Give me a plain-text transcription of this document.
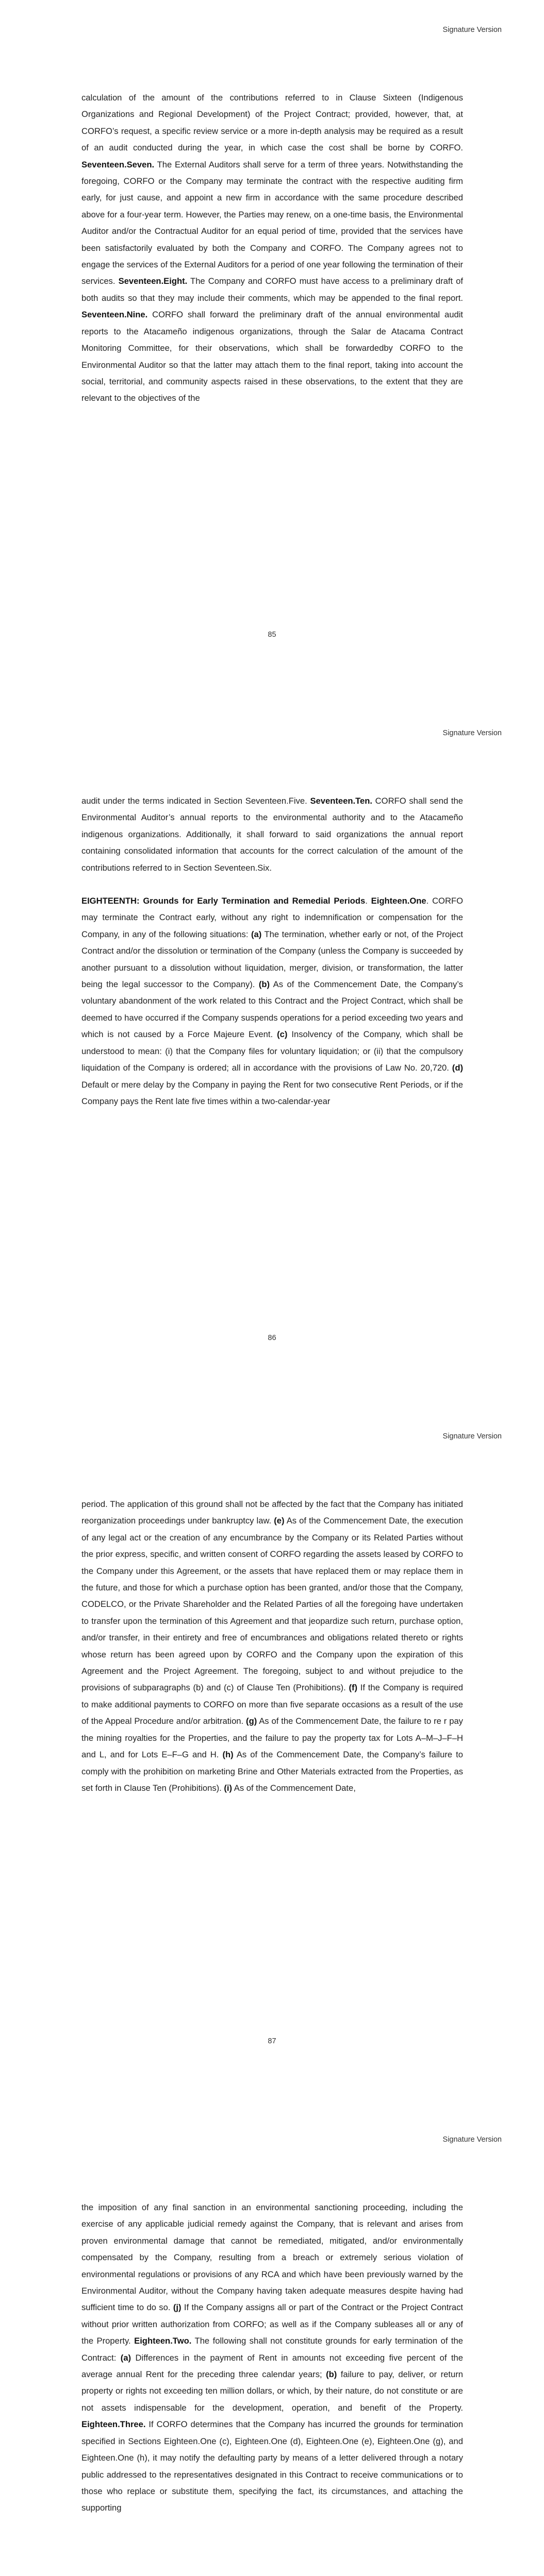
Signature Version

calculation of the amount of the contributions referred to in Clause Sixteen (Indigenous Organizations and Regional Development) of the Project Contract; provided, however, that, at CORFO’s request, a specific review service or a more in-depth analysis may be required as a result of an audit conducted during the year, in which case the cost shall be borne by CORFO. Seventeen.Seven. The External Auditors shall serve for a term of three years. Notwithstanding the foregoing, CORFO or the Company may terminate the contract with the respective auditing firm early, for just cause, and appoint a new firm in accordance with the same procedure described above for a four-year term. However, the Parties may renew, on a one-time basis, the Environmental Auditor and/or the Contractual Auditor for an equal period of time, provided that the services have been satisfactorily evaluated by both the Company and CORFO. The Company agrees not to engage the services of the External Auditors for a period of one year following the termination of their services. Seventeen.Eight. The Company and CORFO must have access to a preliminary draft of both audits so that they may include their comments, which may be appended to the final report. Seventeen.Nine. CORFO shall forward the preliminary draft of the annual environmental audit reports to the Atacameño indigenous organizations, through the Salar de Atacama Contract Monitoring Committee, for their observations, which shall be forwardedby CORFO to the Environmental Auditor so that the latter may attach them to the final report, taking into account the social, territorial, and community aspects raised in these observations, to the extent that they are relevant to the objectives of the

85
Signature Version

audit under the terms indicated in Section Seventeen.Five. Seventeen.Ten. CORFO shall send the Environmental Auditor’s annual reports to the environmental authority and to the Atacameño indigenous organizations. Additionally, it shall forward to said organizations the annual report containing consolidated information that accounts for the correct calculation of the amount of the contributions referred to in Section Seventeen.Six.

EIGHTEENTH: Grounds for Early Termination and Remedial Periods. Eighteen.One. CORFO may terminate the Contract early, without any right to indemnification or compensation for the Company, in any of the following situations: (a) The termination, whether early or not, of the Project Contract and/or the dissolution or termination of the Company (unless the Company is succeeded by another pursuant to a dissolution without liquidation, merger, division, or transformation, the latter being the legal successor to the Company). (b) As of the Commencement Date, the Company’s voluntary abandonment of the work related to this Contract and the Project Contract, which shall be deemed to have occurred if the Company suspends operations for a period exceeding two years and which is not caused by a Force Majeure Event. (c) Insolvency of the Company, which shall be understood to mean: (i) that the Company files for voluntary liquidation; or (ii) that the compulsory liquidation of the Company is ordered; all in accordance with the provisions of Law No. 20,720. (d) Default or mere delay by the Company in paying the Rent for two consecutive Rent Periods, or if the Company pays the Rent late five times within a two-calendar-year

86
Signature Version

period. The application of this ground shall not be affected by the fact that the Company has initiated reorganization proceedings under bankruptcy law. (e) As of the Commencement Date, the execution of any legal act or the creation of any encumbrance by the Company or its Related Parties without the prior express, specific, and written consent of CORFO regarding the assets leased by CORFO to the Company under this Agreement, or the assets that have replaced them or may replace them in the future, and those for which a purchase option has been granted, and/or those that the Company, CODELCO, or the Private Shareholder and the Related Parties of all the foregoing have undertaken to transfer upon the termination of this Agreement and that jeopardize such return, purchase option, and/or transfer, in their entirety and free of encumbrances and obligations related thereto or rights whose return has been agreed upon by CORFO and the Company upon the expiration of this Agreement and the Project Agreement. The foregoing, subject to and without prejudice to the provisions of subparagraphs (b) and (c) of Clause Ten (Prohibitions). (f) If the Company is required to make additional payments to CORFO on more than five separate occasions as a result of the use of the Appeal Procedure and/or arbitration. (g) As of the Commencement Date, the failure to re r pay the mining royalties for the Properties, and the failure to pay the property tax for Lots A–M–J–F–H and L, and for Lots E–F–G and H. (h) As of the Commencement Date, the Company’s failure to comply with the prohibition on marketing Brine and Other Materials extracted from the Properties, as set forth in Clause Ten (Prohibitions). (i) As of the Commencement Date,

87
Signature Version

the imposition of any final sanction in an environmental sanctioning proceeding, including the exercise of any applicable judicial remedy against the Company, that is relevant and arises from proven environmental damage that cannot be remediated, mitigated, and/or environmentally compensated by the Company, resulting from a breach or extremely serious violation of environmental regulations or provisions of any RCA and which have been previously warned by the Environmental Auditor, without the Company having taken adequate measures despite having had sufficient time to do so. (j) If the Company assigns all or part of the Contract or the Project Contract without prior written authorization from CORFO; as well as if the Company subleases all or any of the Property. Eighteen.Two. The following shall not constitute grounds for early termination of the Contract: (a) Differences in the payment of Rent in amounts not exceeding five percent of the average annual Rent for the preceding three calendar years; (b) failure to pay, deliver, or return property or rights not exceeding ten million dollars, or which, by their nature, do not constitute or are not assets indispensable for the development, operation, and benefit of the Property. Eighteen.Three. If CORFO determines that the Company has incurred the grounds for termination specified in Sections Eighteen.One (c), Eighteen.One (d), Eighteen.One (e), Eighteen.One (g), and Eighteen.One (h), it may notify the defaulting party by means of a letter delivered through a notary public addressed to the representatives designated in this Contract to receive communications or to those who replace or substitute them, specifying the fact, its circumstances, and attaching the supporting
